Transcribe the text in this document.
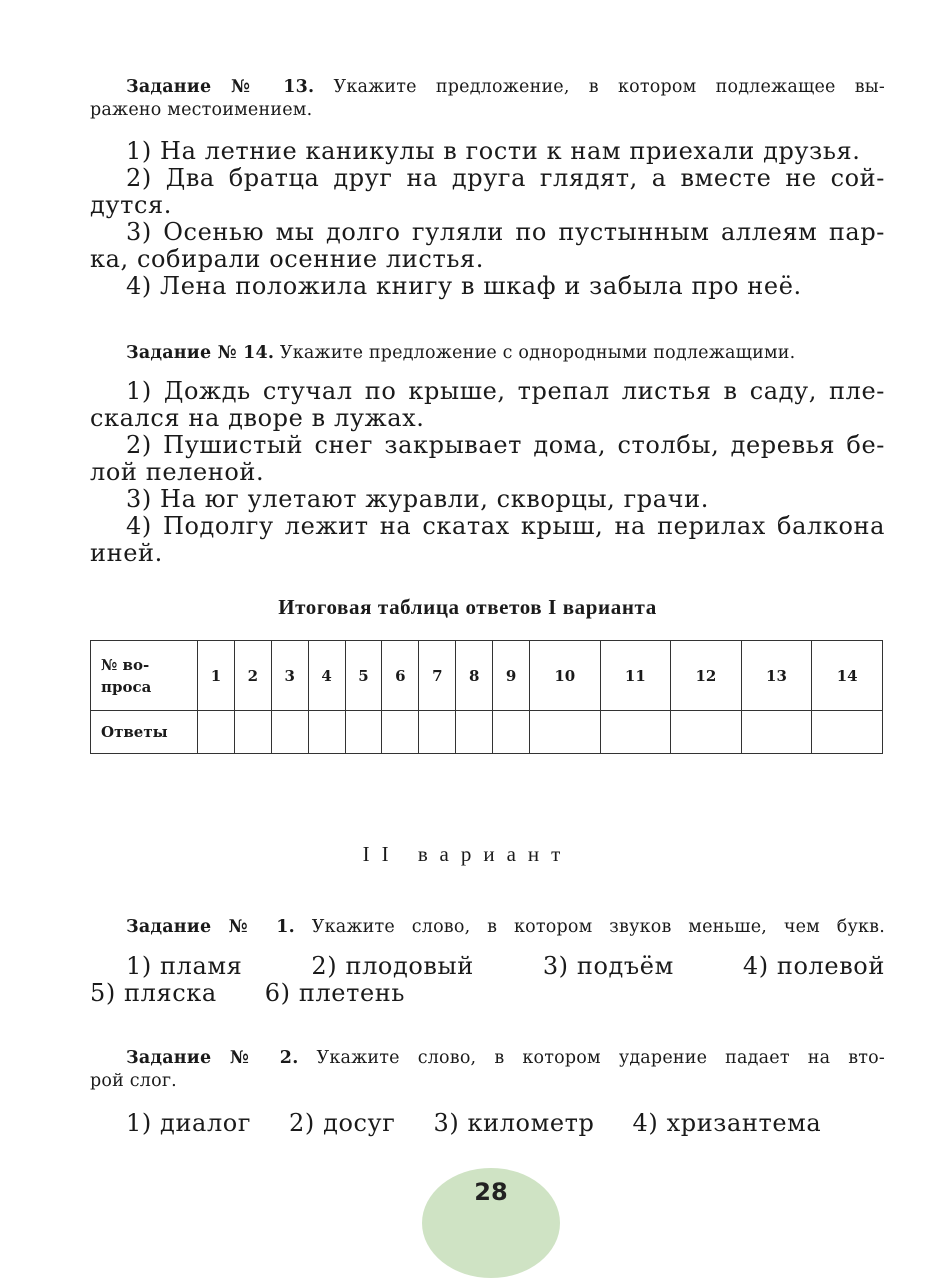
Задание № 13. Укажите предложение, в котором подлежащее вы-
ражено местоимением.
1) На летние каникулы в гости к нам приехали друзья.
2) Два братца друг на друга глядят, а вместе не сой-
дутся.
3) Осенью мы долго гуляли по пустынным аллеям пар-
ка, собирали осенние листья.
4) Лена положила книгу в шкаф и забыла про неё.
Задание № 14. Укажите предложение с однородными подлежащими.
1) Дождь стучал по крыше, трепал листья в саду, пле-
скался на дворе в лужах.
2) Пушистый снег закрывает дома, столбы, деревья бе-
лой пеленой.
3) На юг улетают журавли, скворцы, грачи.
4) Подолгу лежит на скатах крыш, на перилах балкона
иней.
Итоговая таблица ответов I варианта
№ во-
проса	1	2	3	4	5	6	7	8	9	10	11	12	13	14
Ответы														
II вариант
Задание № 1. Укажите слово, в котором звуков меньше, чем букв.
1) пламя	2) плодовый	3) подъём	4) полевой
5) пляска 6) плетень
Задание № 2. Укажите слово, в котором ударение падает на вто-
рой слог.
1) диалог 2) досуг 3) километр 4) хризантема
28
